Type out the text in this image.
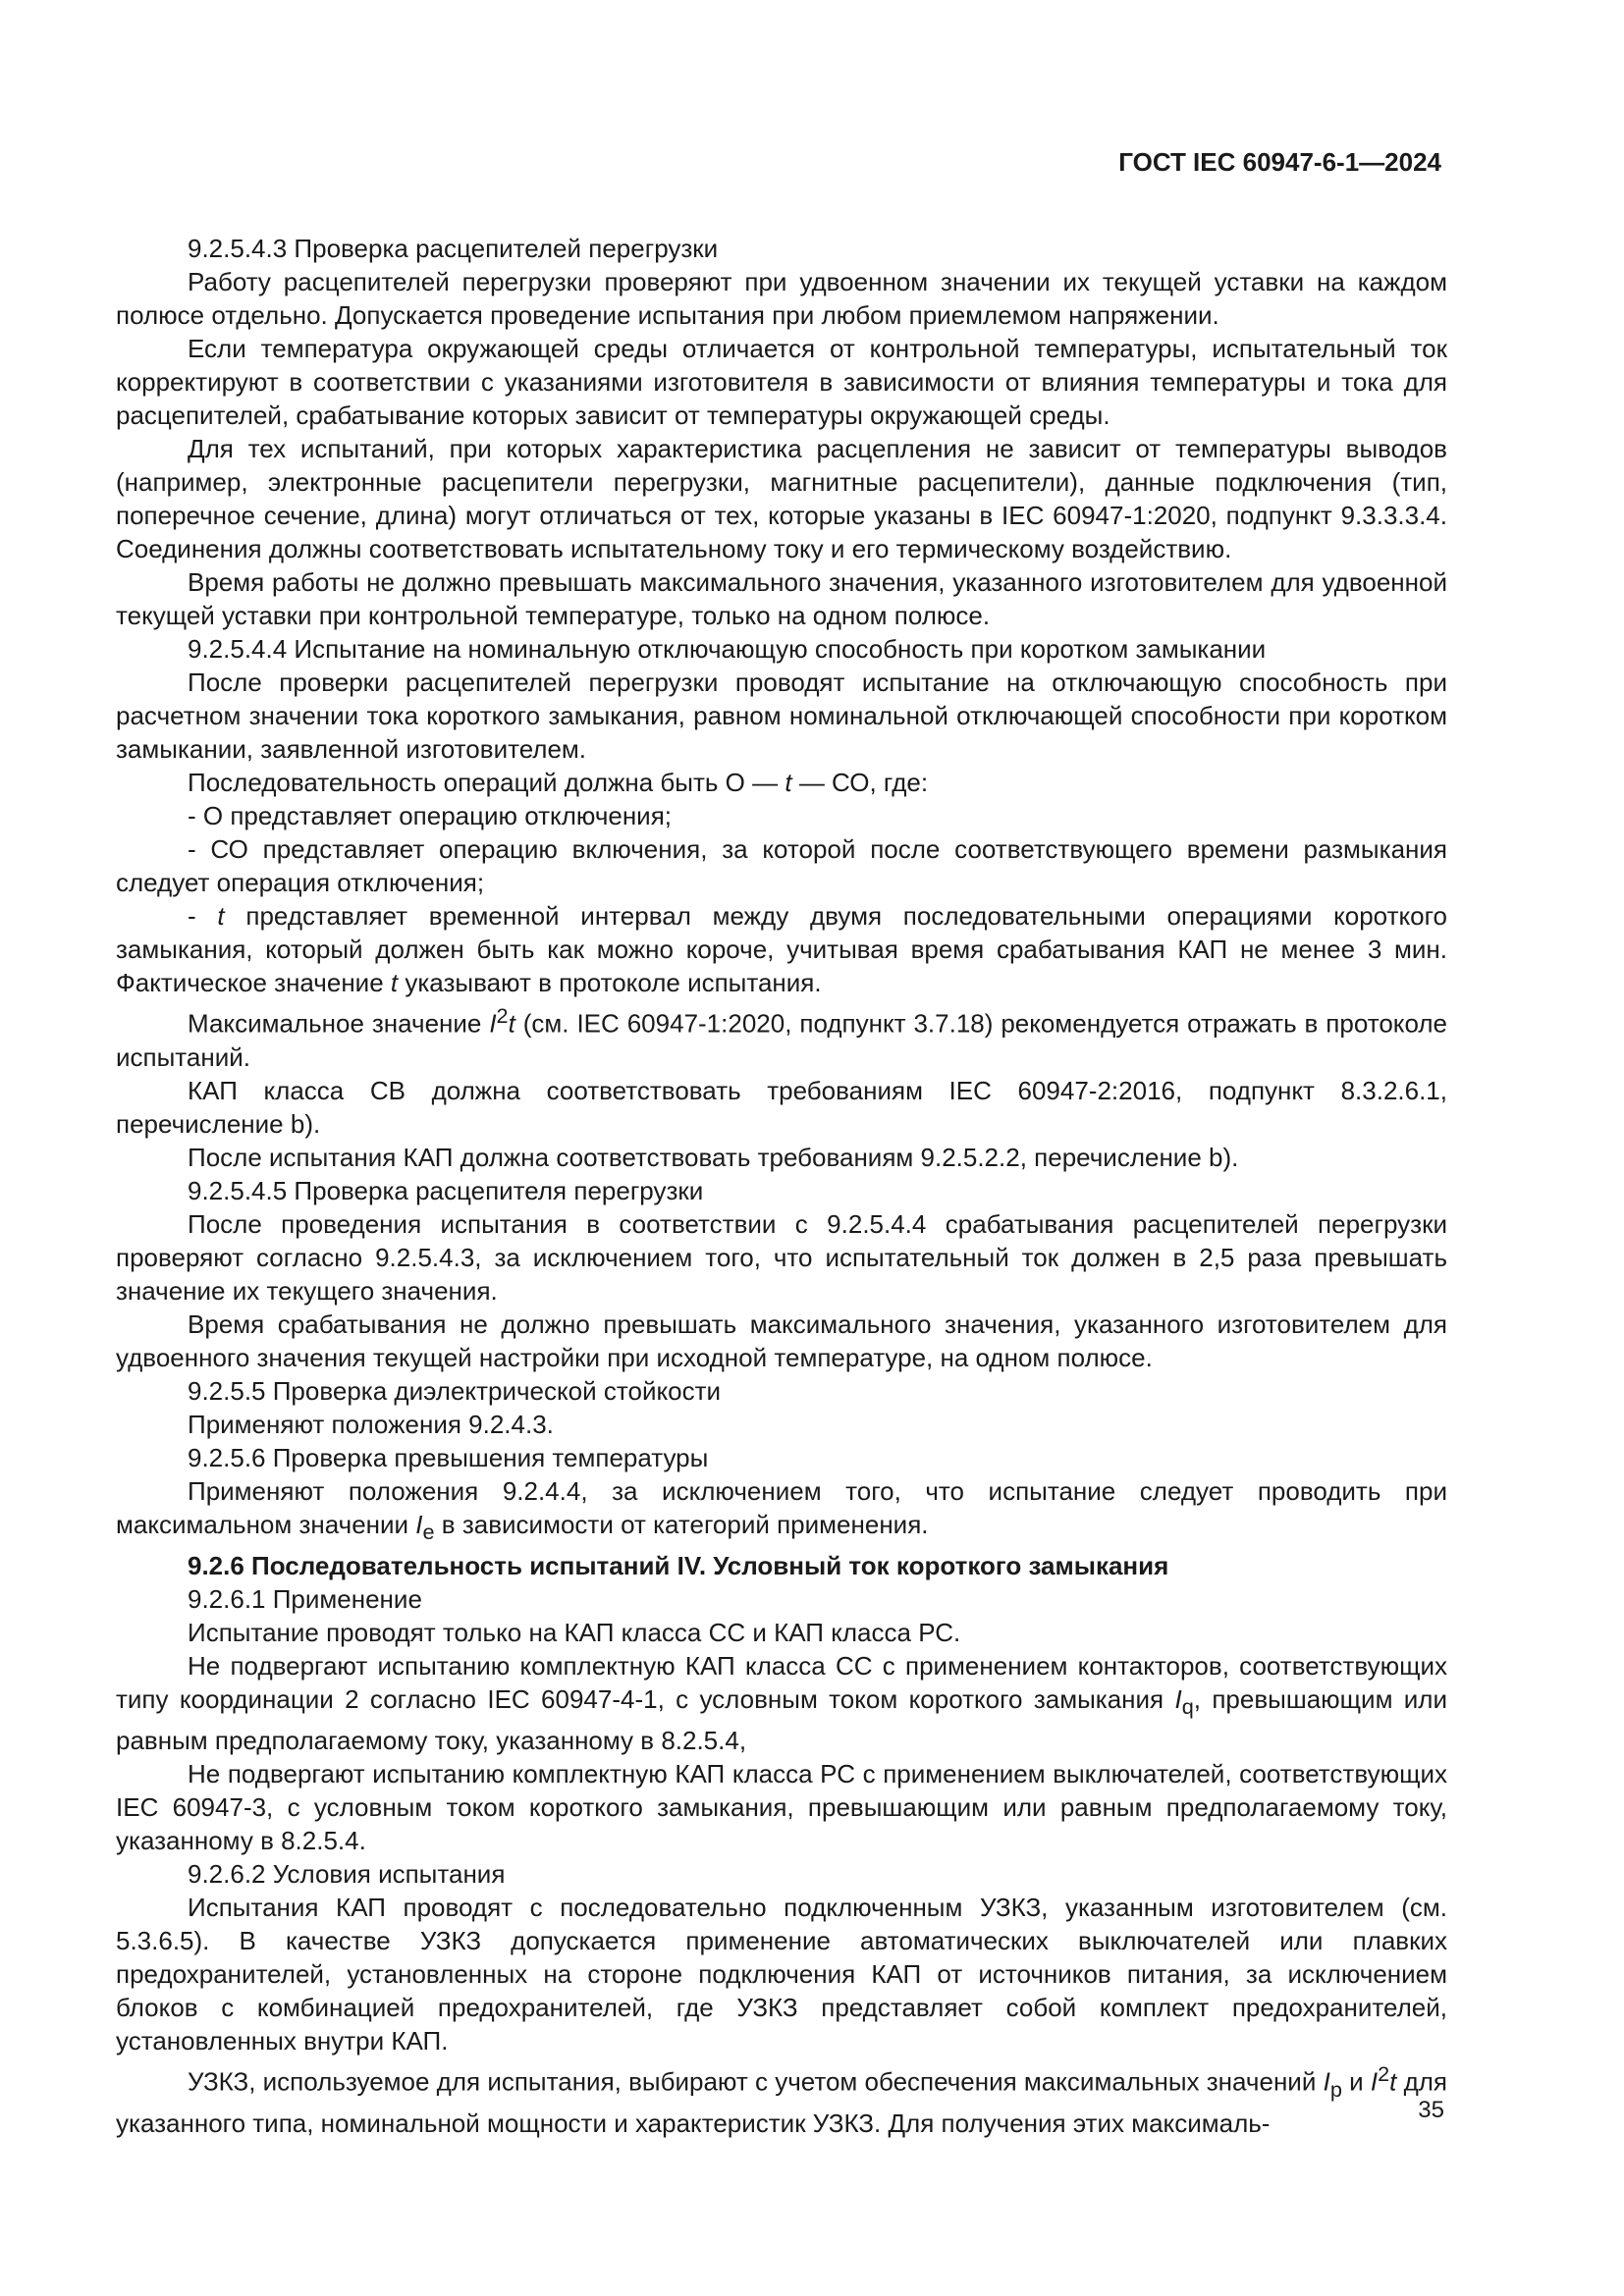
ГОСТ IEC 60947-6-1—2024

9.2.5.4.3 Проверка расцепителей перегрузки

Работу расцепителей перегрузки проверяют при удвоенном значении их текущей уставки на каждом полюсе отдельно. Допускается проведение испытания при любом приемлемом напряжении.

Если температура окружающей среды отличается от контрольной температуры, испытательный ток корректируют в соответствии с указаниями изготовителя в зависимости от влияния температуры и тока для расцепителей, срабатывание которых зависит от температуры окружающей среды.

Для тех испытаний, при которых характеристика расцепления не зависит от температуры выводов (например, электронные расцепители перегрузки, магнитные расцепители), данные подключения (тип, поперечное сечение, длина) могут отличаться от тех, которые указаны в IEC 60947-1:2020, подпункт 9.3.3.3.4. Соединения должны соответствовать испытательному току и его термическому воздействию.

Время работы не должно превышать максимального значения, указанного изготовителем для удвоенной текущей уставки при контрольной температуре, только на одном полюсе.

9.2.5.4.4 Испытание на номинальную отключающую способность при коротком замыкании

После проверки расцепителей перегрузки проводят испытание на отключающую способность при расчетном значении тока короткого замыкания, равном номинальной отключающей способности при коротком замыкании, заявленной изготовителем.

Последовательность операций должна быть О — t — СО, где:

- О представляет операцию отключения;

- СО представляет операцию включения, за которой после соответствующего времени размыкания следует операция отключения;

- t представляет временной интервал между двумя последовательными операциями короткого замыкания, который должен быть как можно короче, учитывая время срабатывания КАП не менее 3 мин. Фактическое значение t указывают в протоколе испытания.

Максимальное значение $I^2t$ (см. IEC 60947-1:2020, подпункт 3.7.18) рекомендуется отражать в протоколе испытаний.

КАП класса СВ должна соответствовать требованиям IEC 60947-2:2016, подпункт 8.3.2.6.1, перечисление b).

После испытания КАП должна соответствовать требованиям 9.2.5.2.2, перечисление b).

9.2.5.4.5 Проверка расцепителя перегрузки

После проведения испытания в соответствии с 9.2.5.4.4 срабатывания расцепителей перегрузки проверяют согласно 9.2.5.4.3, за исключением того, что испытательный ток должен в 2,5 раза превышать значение их текущего значения.

Время срабатывания не должно превышать максимального значения, указанного изготовителем для удвоенного значения текущей настройки при исходной температуре, на одном полюсе.

9.2.5.5 Проверка диэлектрической стойкости

Применяют положения 9.2.4.3.

9.2.5.6 Проверка превышения температуры

Применяют положения 9.2.4.4, за исключением того, что испытание следует проводить при максимальном значении $I_e$ в зависимости от категорий применения.

9.2.6 Последовательность испытаний IV. Условный ток короткого замыкания

9.2.6.1 Применение

Испытание проводят только на КАП класса СС и КАП класса РС.

Не подвергают испытанию комплектную КАП класса СС с применением контакторов, соответствующих типу координации 2 согласно IEC 60947-4-1, с условным током короткого замыкания $I_q$, превышающим или равным предполагаемому току, указанному в 8.2.5.4,

Не подвергают испытанию комплектную КАП класса РС с применением выключателей, соответствующих IEC 60947-3, с условным током короткого замыкания, превышающим или равным предполагаемому току, указанному в 8.2.5.4.

9.2.6.2 Условия испытания

Испытания КАП проводят с последовательно подключенным УЗКЗ, указанным изготовителем (см. 5.3.6.5). В качестве УЗКЗ допускается применение автоматических выключателей или плавких предохранителей, установленных на стороне подключения КАП от источников питания, за исключением блоков с комбинацией предохранителей, где УЗКЗ представляет собой комплект предохранителей, установленных внутри КАП.

УЗКЗ, используемое для испытания, выбирают с учетом обеспечения максимальных значений $I_p$ и $I^2t$ для указанного типа, номинальной мощности и характеристик УЗКЗ. Для получения этих максималь-	35
